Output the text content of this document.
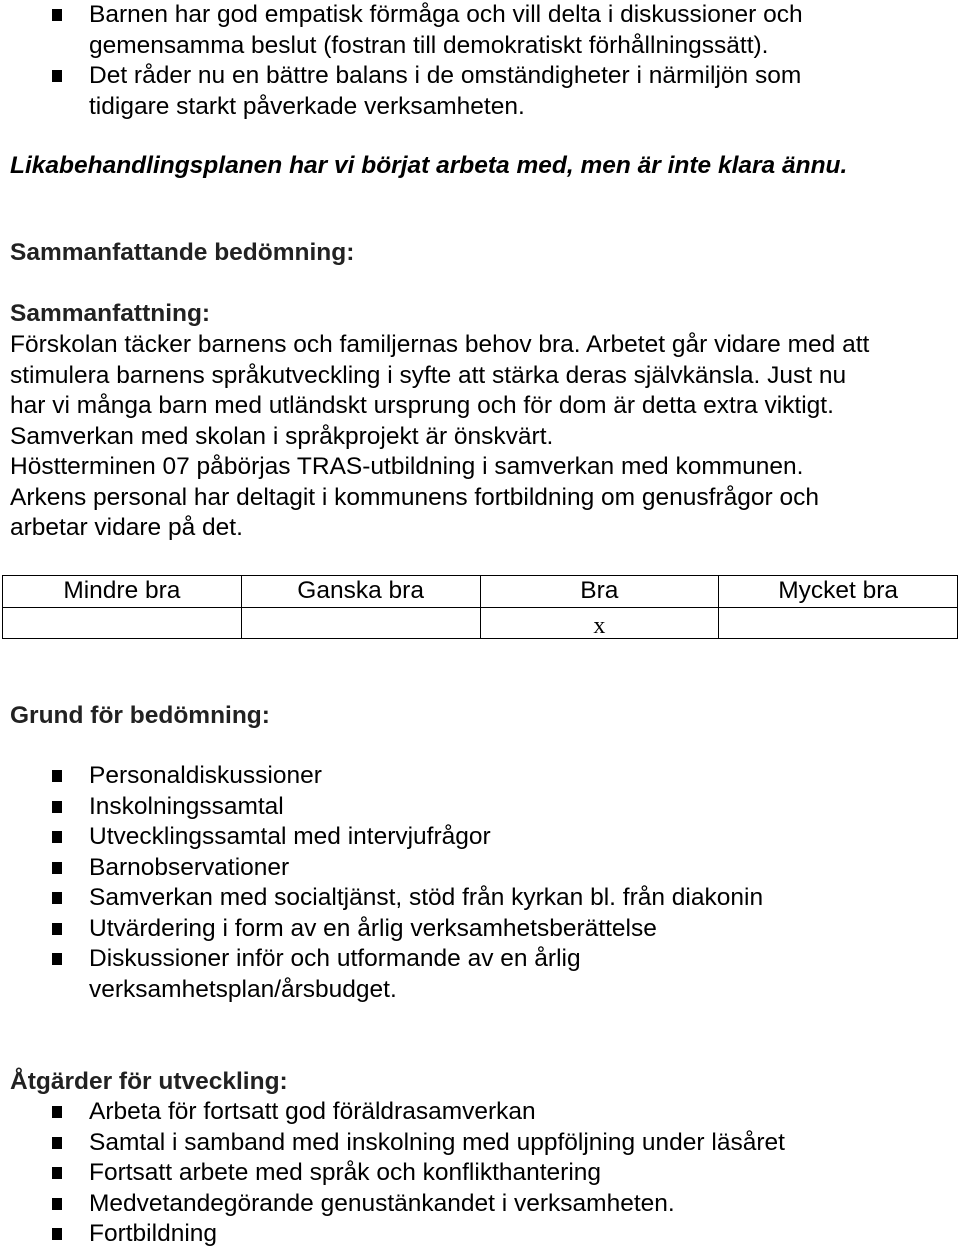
Barnen har god empatisk förmåga och vill delta i diskussioner och
gemensamma beslut (fostran till demokratiskt förhållningssätt).
Det råder nu en bättre balans i de omständigheter i närmiljön som
tidigare starkt påverkade verksamheten.
Likabehandlingsplanen har vi börjat arbeta med, men är inte klara ännu.
Sammanfattande bedömning:
Sammanfattning:
Förskolan täcker barnens och familjernas behov bra. Arbetet går vidare med att
stimulera barnens språkutveckling i syfte att stärka deras självkänsla. Just nu
har vi många barn med utländskt ursprung och för dom är detta extra viktigt.
Samverkan med skolan i språkprojekt är önskvärt.
Höstterminen 07 påbörjas TRAS-utbildning i samverkan med kommunen.
Arkens personal har deltagit i kommunens fortbildning om genusfrågor och
arbetar vidare på det.
Mindre bra	Ganska bra	Bra	Mycket bra
		x	
Grund för bedömning:
Personaldiskussioner
Inskolningssamtal
Utvecklingssamtal med intervjufrågor
Barnobservationer
Samverkan med socialtjänst, stöd från kyrkan bl. från diakonin
Utvärdering i form av en årlig verksamhetsberättelse
Diskussioner inför och utformande av en årlig
verksamhetsplan/årsbudget.
Åtgärder för utveckling:
Arbeta för fortsatt god föräldrasamverkan
Samtal i samband med inskolning med uppföljning under läsåret
Fortsatt arbete med språk och konflikthantering
Medvetandegörande genustänkandet i verksamheten.
Fortbildning
